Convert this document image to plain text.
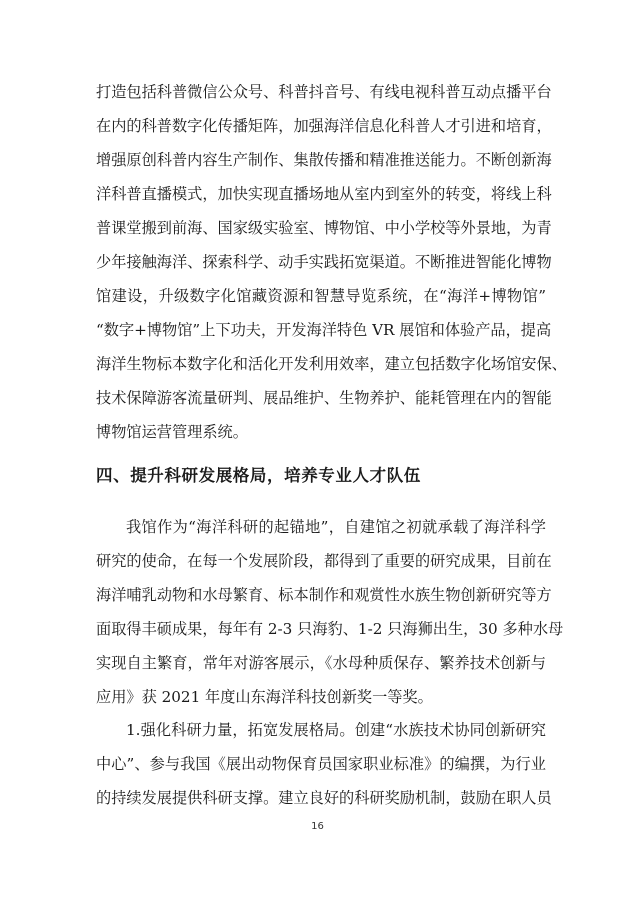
打造包括科普微信公众号、科普抖音号、有线电视科普互动点播平台
在内的科普数字化传播矩阵，加强海洋信息化科普人才引进和培育，
增强原创科普内容生产制作、集散传播和精准推送能力。不断创新海
洋科普直播模式，加快实现直播场地从室内到室外的转变，将线上科
普课堂搬到前海、国家级实验室、博物馆、中小学校等外景地，为青
少年接触海洋、探索科学、动手实践拓宽渠道。不断推进智能化博物
馆建设，升级数字化馆藏资源和智慧导览系统，在“海洋+博物馆”
“数字+博物馆”上下功夫，开发海洋特色 VR 展馆和体验产品，提高
海洋生物标本数字化和活化开发利用效率，建立包括数字化场馆安保、
技术保障游客流量研判、展品维护、生物养护、能耗管理在内的智能
博物馆运营管理系统。
四、提升科研发展格局，培养专业人才队伍
我馆作为“海洋科研的起锚地”，自建馆之初就承载了海洋科学
研究的使命，在每一个发展阶段，都得到了重要的研究成果，目前在
海洋哺乳动物和水母繁育、标本制作和观赏性水族生物创新研究等方
面取得丰硕成果，每年有 2-3 只海豹、1-2 只海狮出生，30 多种水母
实现自主繁育，常年对游客展示，《水母种质保存、繁养技术创新与
应用》获 2021 年度山东海洋科技创新奖一等奖。
1.强化科研力量，拓宽发展格局。创建“水族技术协同创新研究
中心”、参与我国《展出动物保育员国家职业标准》的编撰，为行业
的持续发展提供科研支撑。建立良好的科研奖励机制，鼓励在职人员
16
